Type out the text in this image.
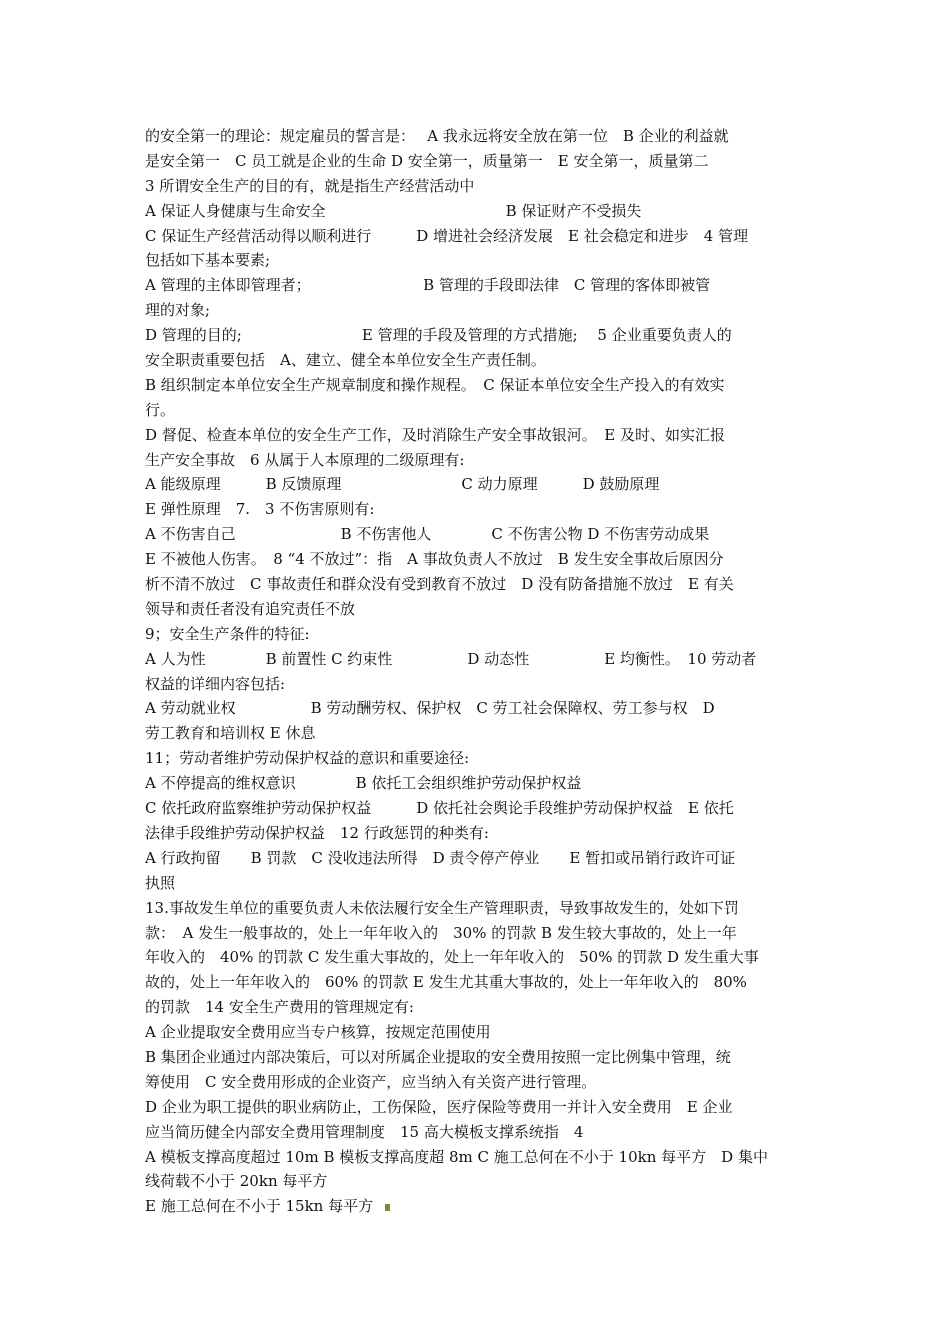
的安全第一的理论：规定雇员的誓言是：　 A 我永远将安全放在第一位　B 企业的利益就
是安全第一　C 员工就是企业的生命 D 安全第一，质量第一　E 安全第一，质量第二
3 所谓安全生产的目的有，就是指生产经营活动中
A 保证人身健康与生命安全　　　　　　　　　　　　B 保证财产不受损失
C 保证生产经营活动得以顺利进行　　　D 增进社会经济发展　E 社会稳定和进步　4 管理
包括如下基本要素;
A 管理的主体即管理者；　　　　　　　　B 管理的手段即法律　C 管理的客体即被管
理的对象;
D 管理的目的;　　　　　　　　E 管理的手段及管理的方式措施;　 5 企业重要负责人的
安全职责重要包括　A、建立、健全本单位安全生产责任制。
B 组织制定本单位安全生产规章制度和操作规程。　C 保证本单位安全生产投入的有效实
行。
D 督促、检查本单位的安全生产工作，及时消除生产安全事故银河。　E 及时、如实汇报
生产安全事故　6 从属于人本原理的二级原理有:
A 能级原理　　　B 反馈原理　　　　　　　　C 动力原理　　　D 鼓励原理
E 弹性原理　7.　3 不伤害原则有:
A 不伤害自己　　　　　　　B 不伤害他人　　　　C 不伤害公物 D 不伤害劳动成果
E 不被他人伤害。　8 “4 不放过”：指　A 事故负责人不放过　B 发生安全事故后原因分
析不清不放过　C 事故责任和群众没有受到教育不放过　D 没有防备措施不放过　E 有关
领导和责任者没有追究责任不放
9；安全生产条件的特征:
A 人为性　　　　B 前置性 C 约束性　　　　　D 动态性　　　　　E 均衡性。　10 劳动者
权益的详细内容包括:
A 劳动就业权　　　　　B 劳动酬劳权、保护权　C 劳工社会保障权、劳工参与权　D
劳工教育和培训权 E 休息
11；劳动者维护劳动保护权益的意识和重要途径:
A 不停提高的维权意识　　　　B 依托工会组织维护劳动保护权益
C 依托政府监察维护劳动保护权益　　　D 依托社会舆论手段维护劳动保护权益　E 依托
法律手段维护劳动保护权益　12 行政惩罚的种类有:
A 行政拘留　　B 罚款　C 没收违法所得　D 责令停产停业　　E 暂扣或吊销行政许可证
执照
13.事故发生单位的重要负责人未依法履行安全生产管理职责，导致事故发生的，处如下罚
款：　A 发生一般事故的，处上一年年收入的　30% 的罚款 B 发生较大事故的，处上一年
年收入的　40% 的罚款 C 发生重大事故的，处上一年年收入的　50% 的罚款 D 发生重大事
故的，处上一年年收入的　60% 的罚款 E 发生尤其重大事故的，处上一年年收入的　80%
的罚款　14 安全生产费用的管理规定有:
A 企业提取安全费用应当专户核算，按规定范围使用
B 集团企业通过内部决策后，可以对所属企业提取的安全费用按照一定比例集中管理，统
筹使用　C 安全费用形成的企业资产，应当纳入有关资产进行管理。
D 企业为职工提供的职业病防止，工伤保险，医疗保险等费用一并计入安全费用　E 企业
应当简历健全内部安全费用管理制度　15 高大模板支撑系统指　4
A 模板支撑高度超过 10m B 模板支撑高度超 8m C 施工总何在不小于 10kn 每平方　D 集中
线荷载不小于 20kn 每平方
E 施工总何在不小于 15kn 每平方
